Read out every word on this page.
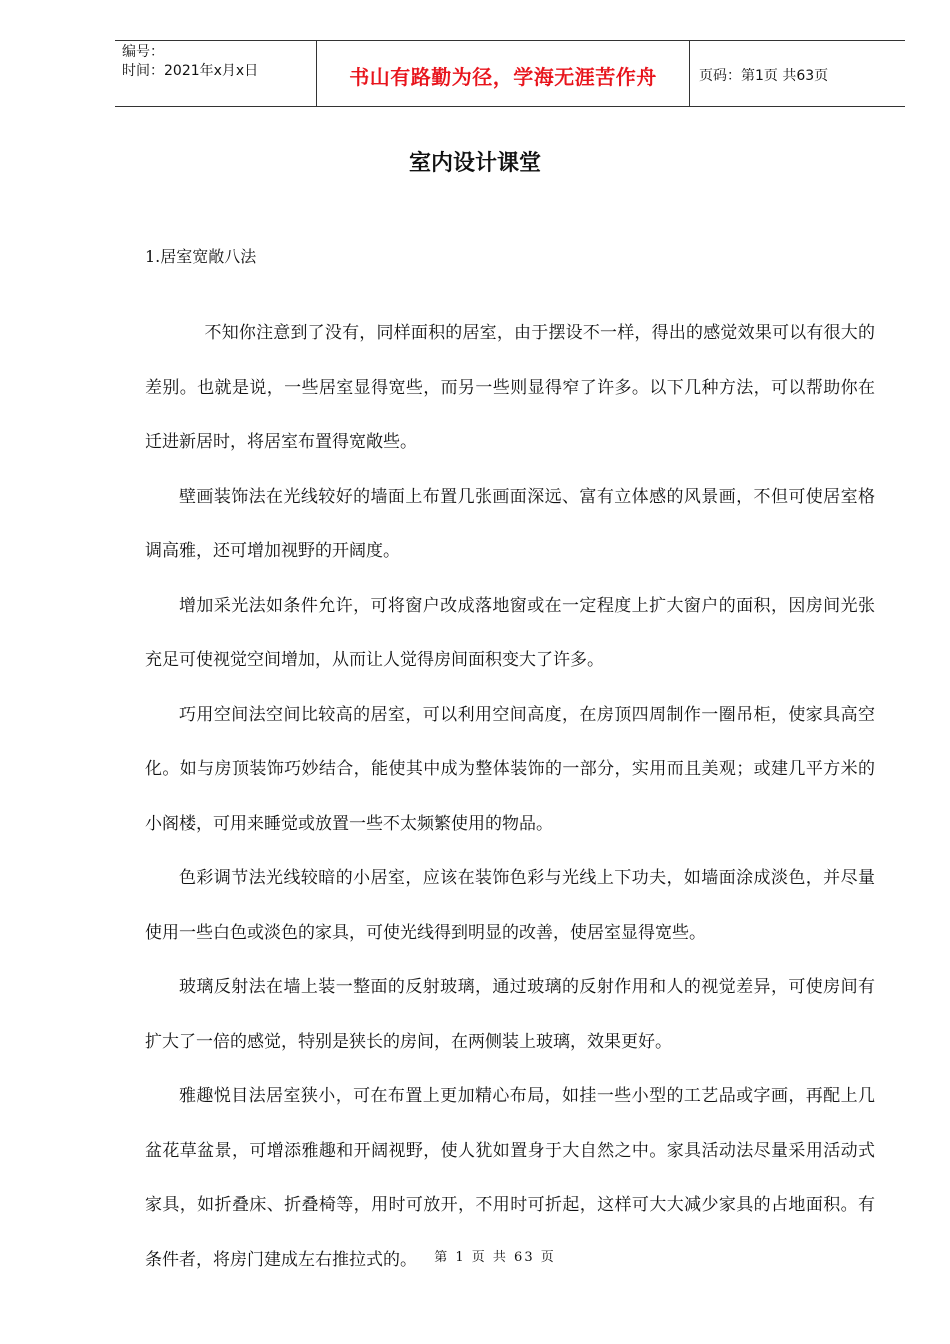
编号：
时间：2021年x月x日	书山有路勤为径，学海无涯苦作舟	页码：第1页 共63页
室内设计课堂
1.居室宽敞八法

不知你注意到了没有，同样面积的居室，由于摆设不一样，得出的感觉效果可以有很大的差别。也就是说，一些居室显得宽些，而另一些则显得窄了许多。以下几种方法，可以帮助你在迁进新居时，将居室布置得宽敞些。

壁画装饰法在光线较好的墙面上布置几张画面深远、富有立体感的风景画，不但可使居室格调高雅，还可增加视野的开阔度。

增加采光法如条件允许，可将窗户改成落地窗或在一定程度上扩大窗户的面积，因房间光张充足可使视觉空间增加，从而让人觉得房间面积变大了许多。

巧用空间法空间比较高的居室，可以利用空间高度，在房顶四周制作一圈吊柜，使家具高空化。如与房顶装饰巧妙结合，能使其中成为整体装饰的一部分，实用而且美观；或建几平方米的小阁楼，可用来睡觉或放置一些不太频繁使用的物品。

色彩调节法光线较暗的小居室，应该在装饰色彩与光线上下功夫，如墙面涂成淡色，并尽量使用一些白色或淡色的家具，可使光线得到明显的改善，使居室显得宽些。

玻璃反射法在墙上装一整面的反射玻璃，通过玻璃的反射作用和人的视觉差异，可使房间有扩大了一倍的感觉，特别是狭长的房间，在两侧装上玻璃，效果更好。

雅趣悦目法居室狭小，可在布置上更加精心布局，如挂一些小型的工艺品或字画，再配上几盆花草盆景，可增添雅趣和开阔视野，使人犹如置身于大自然之中。家具活动法尽量采用活动式家具，如折叠床、折叠椅等，用时可放开，不用时可折起，这样可大大减少家具的占地面积。有条件者，将房门建成左右推拉式的。	第 1 页 共 63 页
